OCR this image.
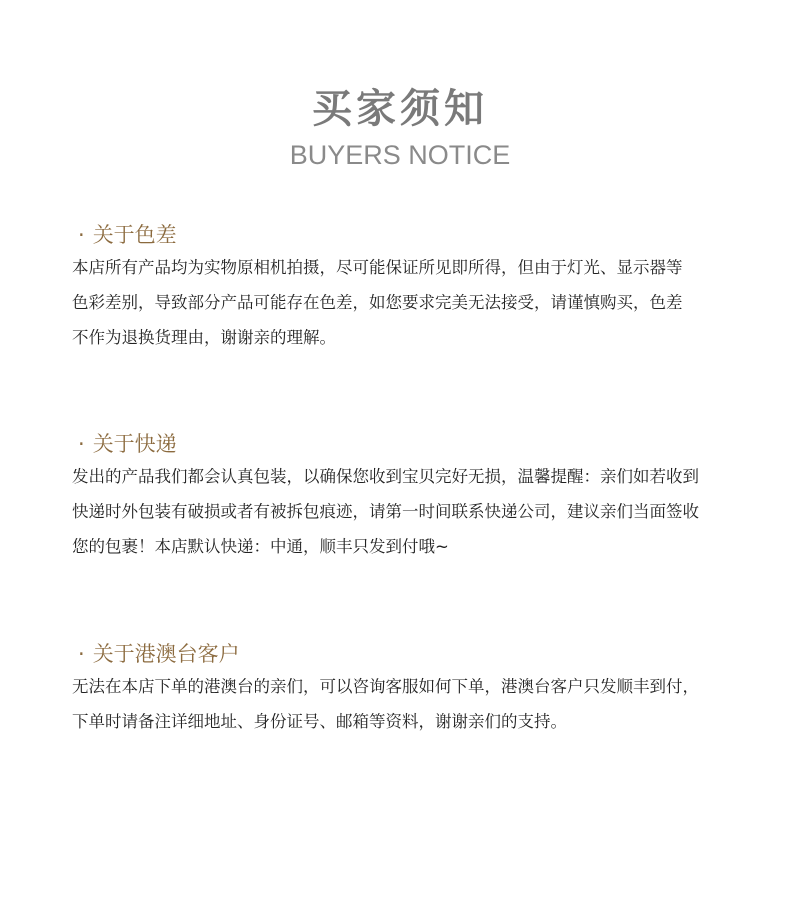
买家须知
BUYERS NOTICE
· 关于色差
本店所有产品均为实物原相机拍摄，尽可能保证所见即所得，但由于灯光、显示器等
色彩差别，导致部分产品可能存在色差，如您要求完美无法接受，请谨慎购买，色差
不作为退换货理由，谢谢亲的理解。
· 关于快递
发出的产品我们都会认真包装，以确保您收到宝贝完好无损，温馨提醒：亲们如若收到
快递时外包装有破损或者有被拆包痕迹，请第一时间联系快递公司，建议亲们当面签收
您的包裹！本店默认快递：中通，顺丰只发到付哦~
· 关于港澳台客户
无法在本店下单的港澳台的亲们，可以咨询客服如何下单，港澳台客户只发顺丰到付，
下单时请备注详细地址、身份证号、邮箱等资料，谢谢亲们的支持。
